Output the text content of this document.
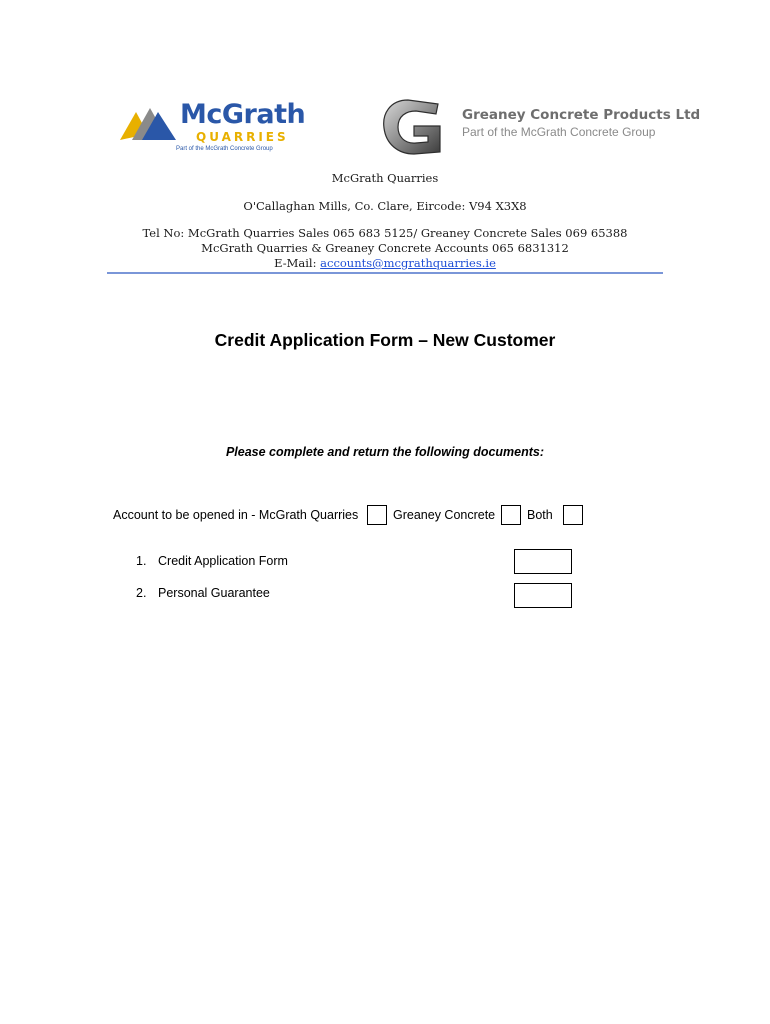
McGrath
QUARRIES
Part of the McGrath Concrete Group
Greaney Concrete Products Ltd
Part of the McGrath Concrete Group
McGrath Quarries
O'Callaghan Mills, Co. Clare, Eircode: V94 X3X8
Tel No: McGrath Quarries Sales 065 683 5125/ Greaney Concrete Sales 069 65388
McGrath Quarries & Greaney Concrete Accounts 065 6831312
E-Mail: accounts@mcgrathquarries.ie
Credit Application Form – New Customer
Please complete and return the following documents:
Account to be opened in - McGrath Quarries	Greaney Concrete	Both
1. Credit Application Form
2. Personal Guarantee
